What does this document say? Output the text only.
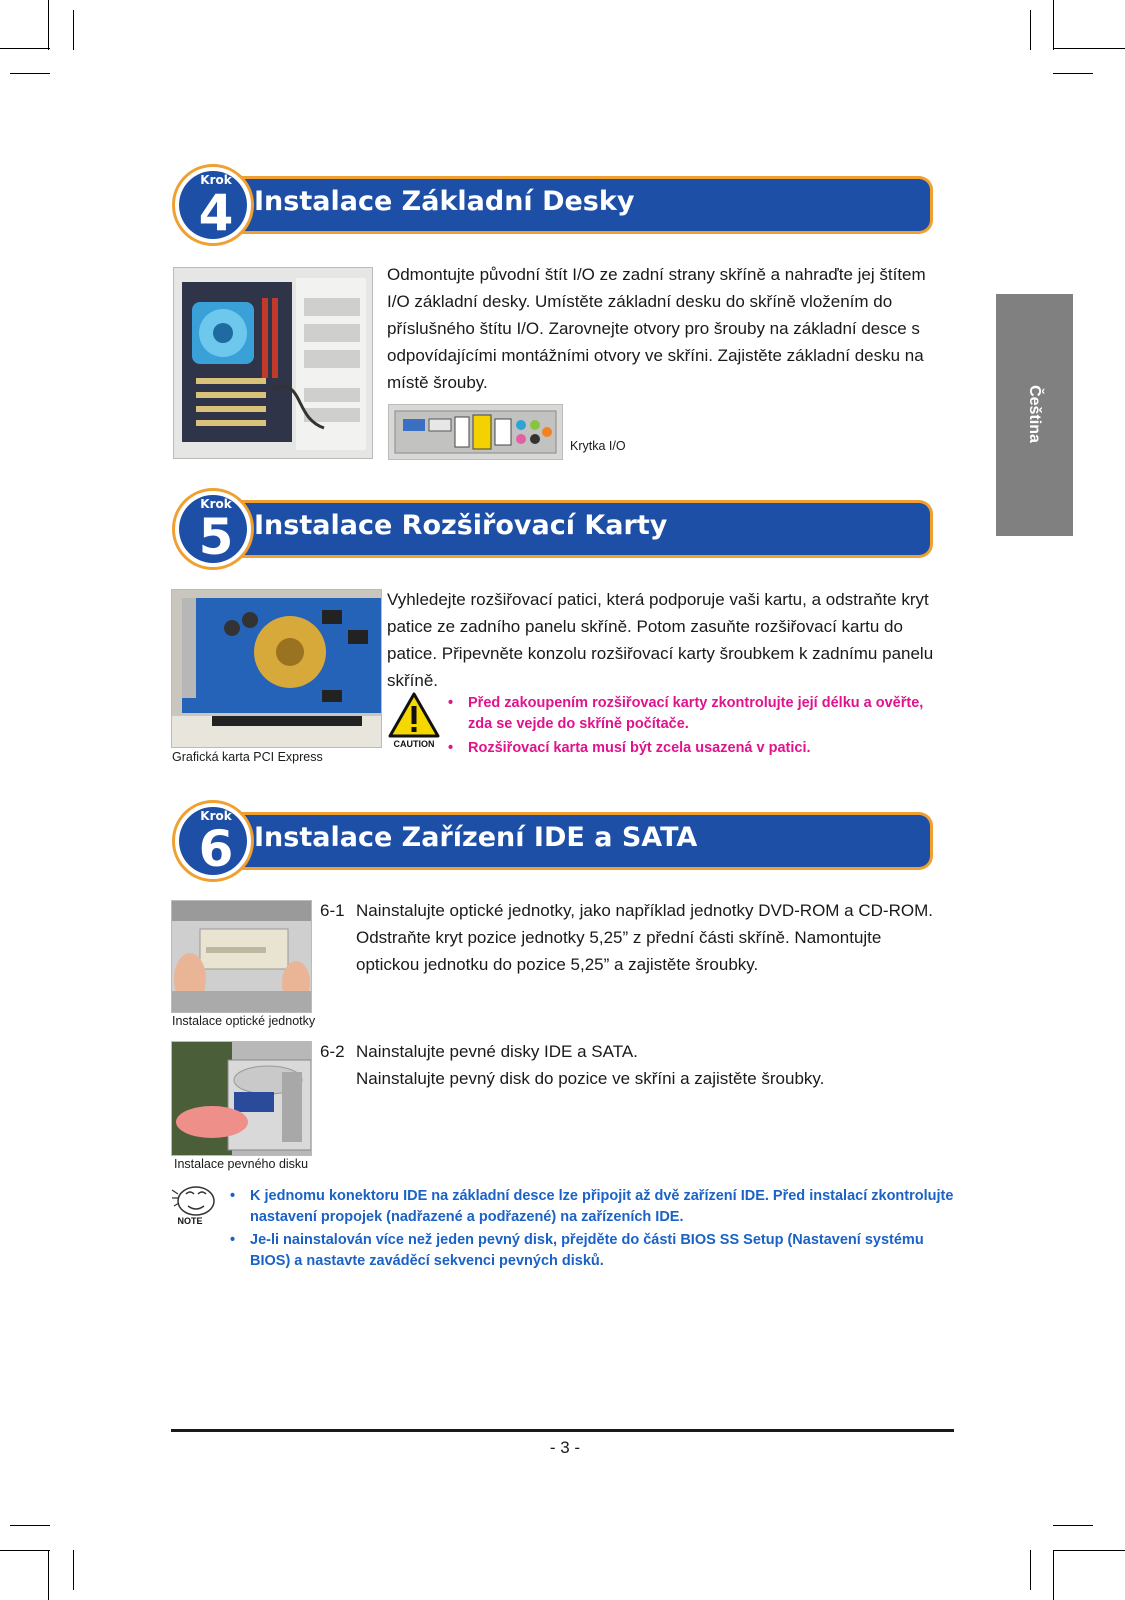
Čeština
Instalace Základní Desky
Krok
4
Odmontujte původní štít I/O ze zadní strany skříně a nahraďte jej štítem I/O základní desky. Umístěte základní desku do skříně vložením do příslušného štítu I/O. Zarovnejte otvory pro šrouby na základní desce s odpovídajícími montážními otvory ve skříni. Zajistěte základní desku na místě šrouby.
Krytka I/O
Instalace Rozšiřovací Karty
Krok
5
Grafická karta PCI Express
Vyhledejte rozšiřovací patici, která podporuje vaši kartu, a odstraňte kryt patice ze zadního panelu skříně. Potom zasuňte rozšiřovací kartu do patice. Připevněte konzolu rozšiřovací karty šroubkem k zadnímu panelu skříně.
CAUTION
• Před zakoupením rozšiřovací karty zkontrolujte její délku a ověřte, zda se vejde do skříně počítače.
• Rozšiřovací karta musí být zcela usazená v patici.
Instalace Zařízení IDE a SATA
Krok
6
Instalace optické jednotky
6-1 Nainstalujte optické jednotky, jako například jednotky DVD-ROM a CD-ROM. Odstraňte kryt pozice jednotky 5,25” z přední části skříně. Namontujte optickou jednotku do pozice 5,25” a zajistěte šroubky.
Instalace pevného disku
6-2 Nainstalujte pevné disky IDE a SATA.
Nainstalujte pevný disk do pozice ve skříni a zajistěte šroubky.
NOTE
• K jednomu konektoru IDE na základní desce lze připojit až dvě zařízení IDE. Před instalací zkontrolujte nastavení propojek (nadřazené a podřazené) na zařízeních IDE.
• Je-li nainstalován více než jeden pevný disk, přejděte do části BIOS SS Setup (Nastavení systému BIOS) a nastavte zaváděcí sekvenci pevných disků.
- 3 -
